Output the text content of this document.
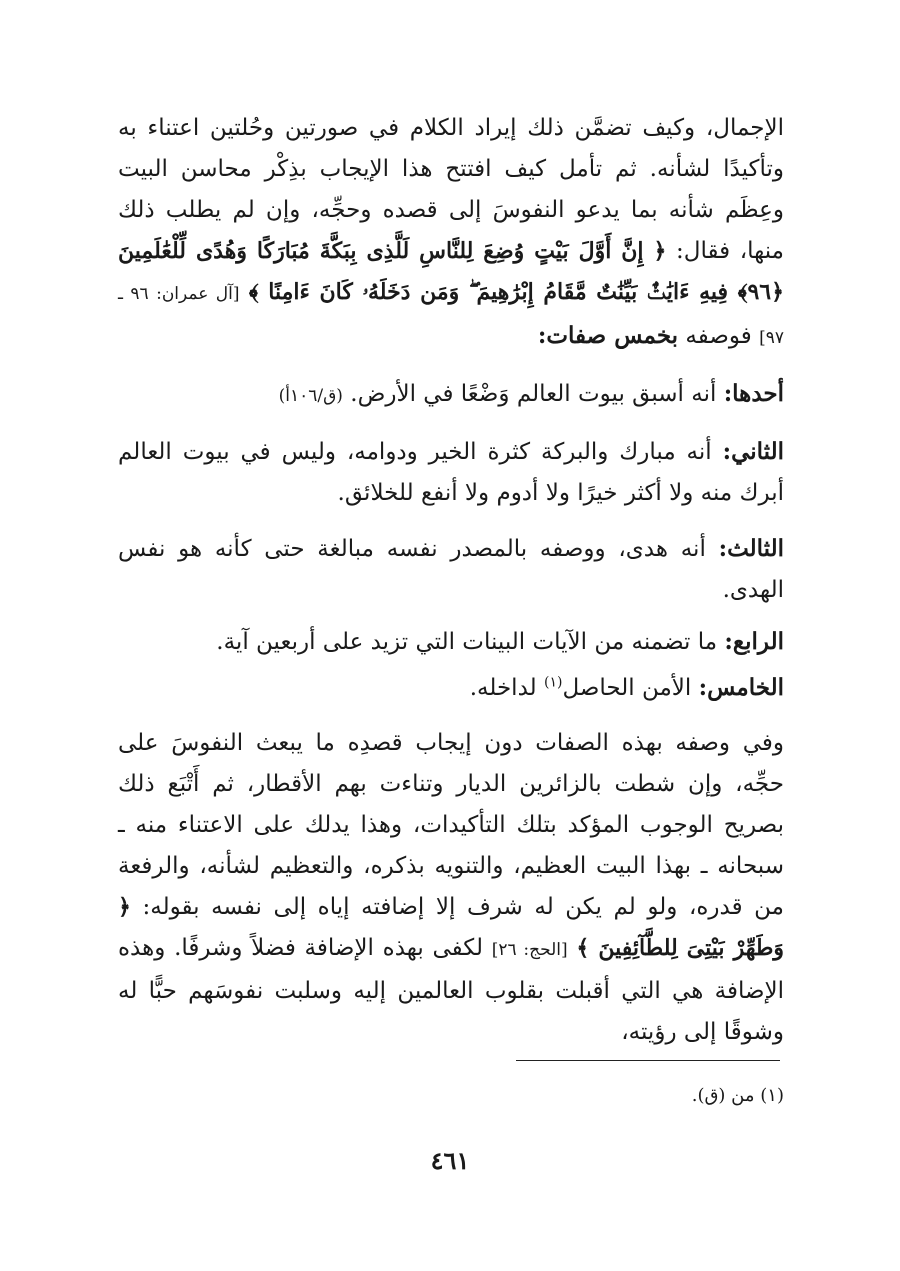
الإجمال، وكيف تضمَّن ذلك إيراد الكلام في صورتين وحُلتين اعتناء به وتأكيدًا لشأنه. ثم تأمل كيف افتتح هذا الإيجاب بذِكْر محاسن البيت وعِظَم شأنه بما يدعو النفوسَ إلى قصده وحجِّه، وإن لم يطلب ذلك منها، فقال: ﴿ إِنَّ أَوَّلَ بَيْتٍ وُضِعَ لِلنَّاسِ لَلَّذِى بِبَكَّةَ مُبَارَكًا وَهُدًى لِّلْعَٰلَمِينَ ﴿٩٦﴾ فِيهِ ءَايَٰتٌۢ بَيِّنَٰتٌ مَّقَامُ إِبْرَٰهِيمَ ۖ وَمَن دَخَلَهُۥ كَانَ ءَامِنًا ﴾ [آل عمران: ٩٦ ـ ٩٧] فوصفه بخمس صفات:

أحدها: أنه أسبق بيوت العالم وَضْعًا في الأرض. (ق/١٠٦أ)

الثاني: أنه مبارك والبركة كثرة الخير ودوامه، وليس في بيوت العالم أبرك منه ولا أكثر خيرًا ولا أدوم ولا أنفع للخلائق.

الثالث: أنه هدى، ووصفه بالمصدر نفسه مبالغة حتى كأنه هو نفس الهدى.

الرابع: ما تضمنه من الآيات البينات التي تزيد على أربعين آية.

الخامس: الأمن الحاصل$^{(١)}$ لداخله.

وفي وصفه بهذه الصفات دون إيجاب قصدِه ما يبعث النفوسَ على حجِّه، وإن شطت بالزائرين الديار وتناءت بهم الأقطار، ثم أَتْبَع ذلك بصريح الوجوب المؤكد بتلك التأكيدات، وهذا يدلك على الاعتناء منه ـ سبحانه ـ بهذا البيت العظيم، والتنويه بذكره، والتعظيم لشأنه، والرفعة من قدره، ولو لم يكن له شرف إلا إضافته إياه إلى نفسه بقوله: ﴿ وَطَهِّرْ بَيْتِىَ لِلطَّآئِفِينَ ﴾ [الحج: ٢٦] لكفى بهذه الإضافة فضلاً وشرفًا. وهذه الإضافة هي التي أقبلت بقلوب العالمين إليه وسلبت نفوسَهم حبًّا له وشوقًا إلى رؤيته،

(١) من (ق).
٤٦١
